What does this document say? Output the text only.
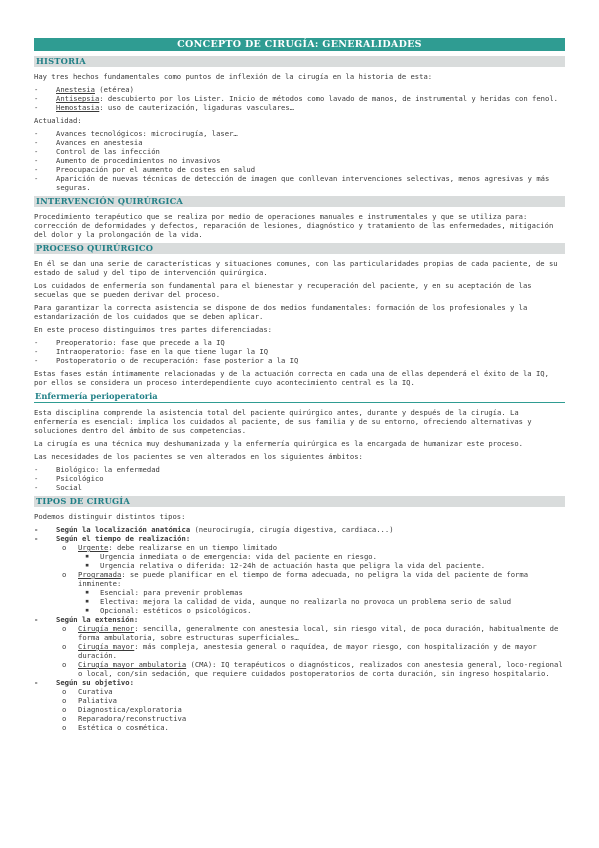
CONCEPTO DE CIRUGÍA: GENERALIDADES
HISTORIA

Hay tres hechos fundamentales como puntos de inflexión de la cirugía en la historia de esta:

- Anestesia (etérea)
- Antisepsia: descubierto por los Lister. Inicio de métodos como lavado de manos, de instrumental y heridas con fenol.
- Hemostasia: uso de cauterización, ligaduras vasculares…

Actualidad:

- Avances tecnológicos: microcirugía, laser…
- Avances en anestesia
- Control de las infección
- Aumento de procedimientos no invasivos
- Preocupación por el aumento de costes en salud
- Aparición de nuevas técnicas de detección de imagen que conllevan intervenciones selectivas, menos agresivas y más seguras.
INTERVENCIÓN QUIRÚRGICA

Procedimiento terapéutico que se realiza por medio de operaciones manuales e instrumentales y que se utiliza para: corrección de deformidades y defectos, reparación de lesiones, diagnóstico y tratamiento de las enfermedades, mitigación del dolor y la prolongación de la vida.

PROCESO QUIRÚRGICO

En él se dan una serie de características y situaciones comunes, con las particularidades propias de cada paciente, de su estado de salud y del tipo de intervención quirúrgica.

Los cuidados de enfermería son fundamental para el bienestar y recuperación del paciente, y en su aceptación de las secuelas que se pueden derivar del proceso.

Para garantizar la correcta asistencia se dispone de dos medios fundamentales: formación de los profesionales y la estandarización de los cuidados que se deben aplicar.

En este proceso distinguimos tres partes diferenciadas:

- Preoperatorio: fase que precede a la IQ
- Intraoperatorio: fase en la que tiene lugar la IQ
- Postoperatorio o de recuperación: fase posterior a la IQ

Estas fases están íntimamente relacionadas y de la actuación correcta en cada una de ellas dependerá el éxito de la IQ, por ellos se considera un proceso interdependiente cuyo acontecimiento central es la IQ.

Enfermería perioperatoria

Esta disciplina comprende la asistencia total del paciente quirúrgico antes, durante y después de la cirugía. La enfermería es esencial: implica los cuidados al paciente, de sus familia y de su entorno, ofreciendo alternativas y soluciones dentro del ámbito de sus competencias.

La cirugía es una técnica muy deshumanizada y la enfermería quirúrgica es la encargada de humanizar este proceso.

Las necesidades de los pacientes se ven alterados en los siguientes ámbitos:

- Biológico: la enfermedad
- Psicológico
- Social
TIPOS DE CIRUGÍA

Podemos distinguir distintos tipos:

- Según la localización anatómica (neurocirugía, cirugía digestiva, cardiaca...)
- Según el tiempo de realización:
o Urgente: debe realizarse en un tiempo limitado
▪ Urgencia inmediata o de emergencia: vida del paciente en riesgo.
▪ Urgencia relativa o diferida: 12-24h de actuación hasta que peligra la vida del paciente.
o Programada: se puede planificar en el tiempo de forma adecuada, no peligra la vida del paciente de forma inminente:
▪ Esencial: para prevenir problemas
▪ Electiva: mejora la calidad de vida, aunque no realizarla no provoca un problema serio de salud
▪ Opcional: estéticos o psicológicos.
- Según la extensión:
o Cirugía menor: sencilla, generalmente con anestesia local, sin riesgo vital, de poca duración, habitualmente de forma ambulatoria, sobre estructuras superficiales…
o Cirugía mayor: más compleja, anestesia general o raquídea, de mayor riesgo, con hospitalización y de mayor duración.
o Cirugía mayor ambulatoria (CMA): IQ terapéuticos o diagnósticos, realizados con anestesia general, loco-regional o local, con/sin sedación, que requiere cuidados postoperatorios de corta duración, sin ingreso hospitalario.
- Según su objetivo:
o Curativa
o Paliativa
o Diagnostica/exploratoria
o Reparadora/reconstructiva
o Estética o cosmética.
